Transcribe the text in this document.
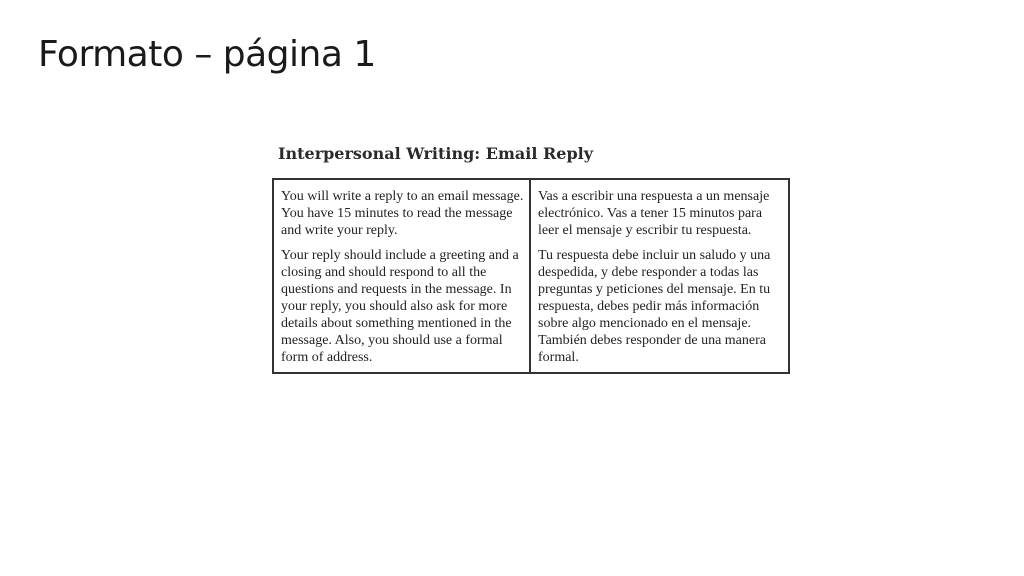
Formato – página 1
Interpersonal Writing: Email Reply

You will write a reply to an email message. You have 15 minutes to read the message and write your reply.

Your reply should include a greeting and a closing and should respond to all the questions and requests in the message. In your reply, you should also ask for more details about something mentioned in the message. Also, you should use a formal form of address.

Vas a escribir una respuesta a un mensaje electrónico. Vas a tener 15 minutos para leer el mensaje y escribir tu respuesta.

Tu respuesta debe incluir un saludo y una despedida, y debe responder a todas las preguntas y peticiones del mensaje. En tu respuesta, debes pedir más información sobre algo mencionado en el mensaje. También debes responder de una manera formal.
